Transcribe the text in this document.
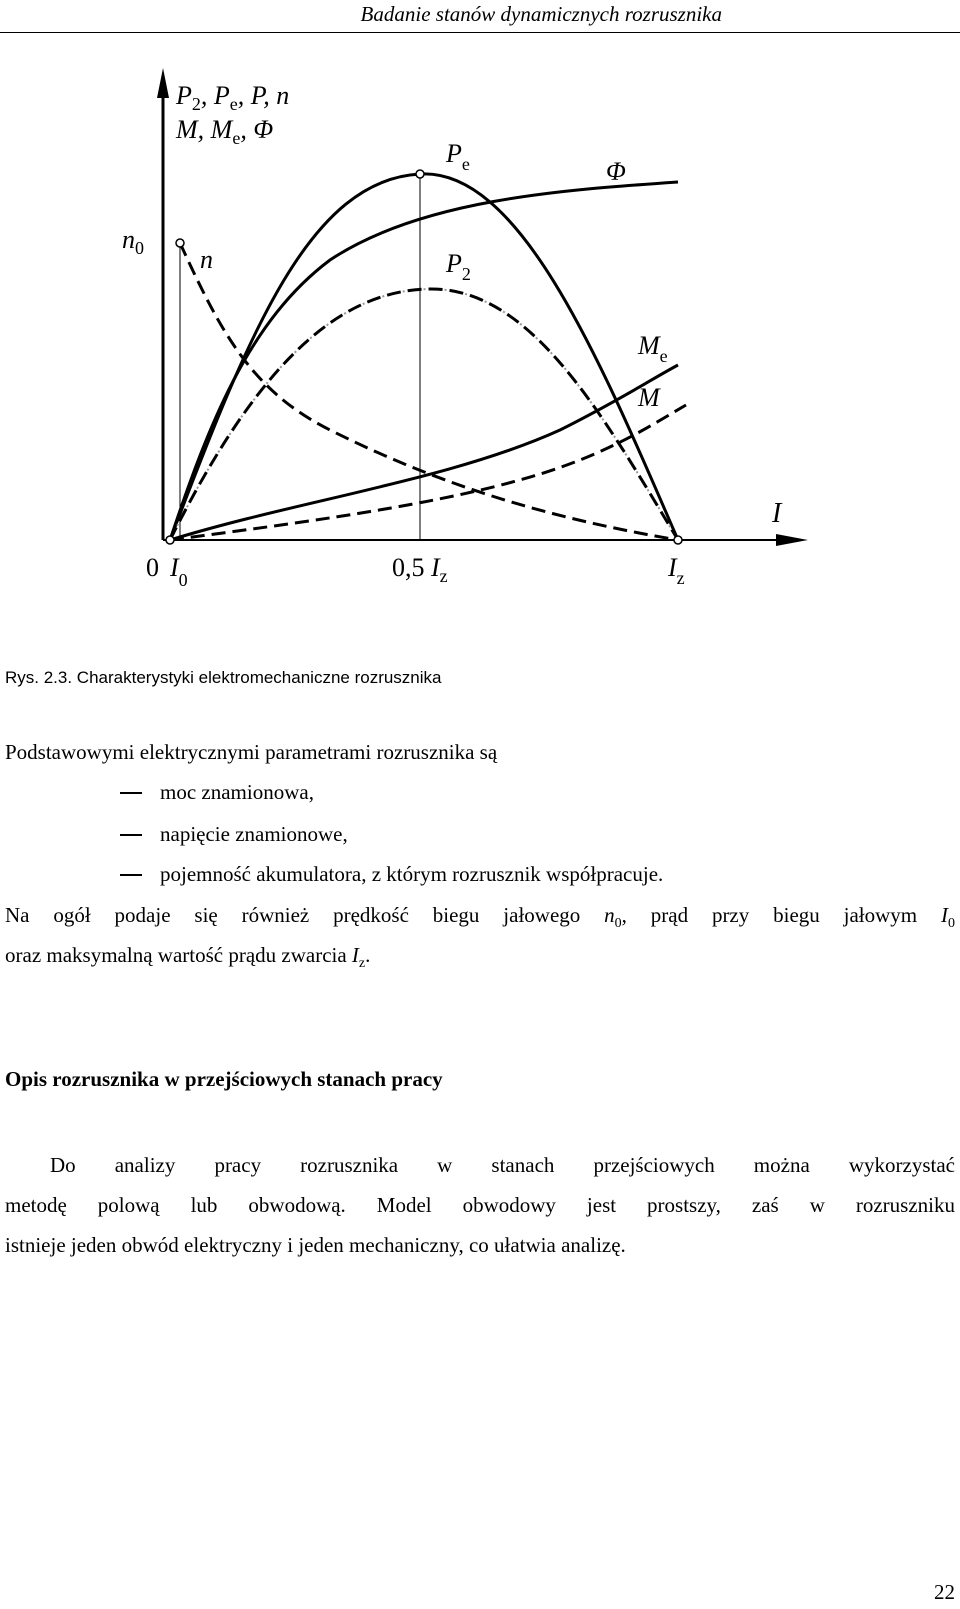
Badanie stanów dynamicznych rozrusznika
$P_2$, $P_e$, P, n
M, $M_e$, Φ
$n_0$ n
$P_e$
$P_2$
Φ
$M_e$
M
I
0 $I_0$	0,5 $I_z$	$I_z$
Rys. 2.3. Charakterystyki elektromechaniczne rozrusznika
Podstawowymi elektrycznymi parametrami rozrusznika są
moc znamionowa,
napięcie znamionowe,
pojemność akumulatora, z którym rozrusznik współpracuje.
Na ogół podaje się również prędkość biegu jałowego $n_0$, prąd przy biegu jałowym $I_0$
oraz maksymalną wartość prądu zwarcia $I_z$.
Opis rozrusznika w przejściowych stanach pracy
Do analizy pracy rozrusznika w stanach przejściowych można wykorzystać
metodę polową lub obwodową. Model obwodowy jest prostszy, zaś w rozruszniku
istnieje jeden obwód elektryczny i jeden mechaniczny, co ułatwia analizę.
22
